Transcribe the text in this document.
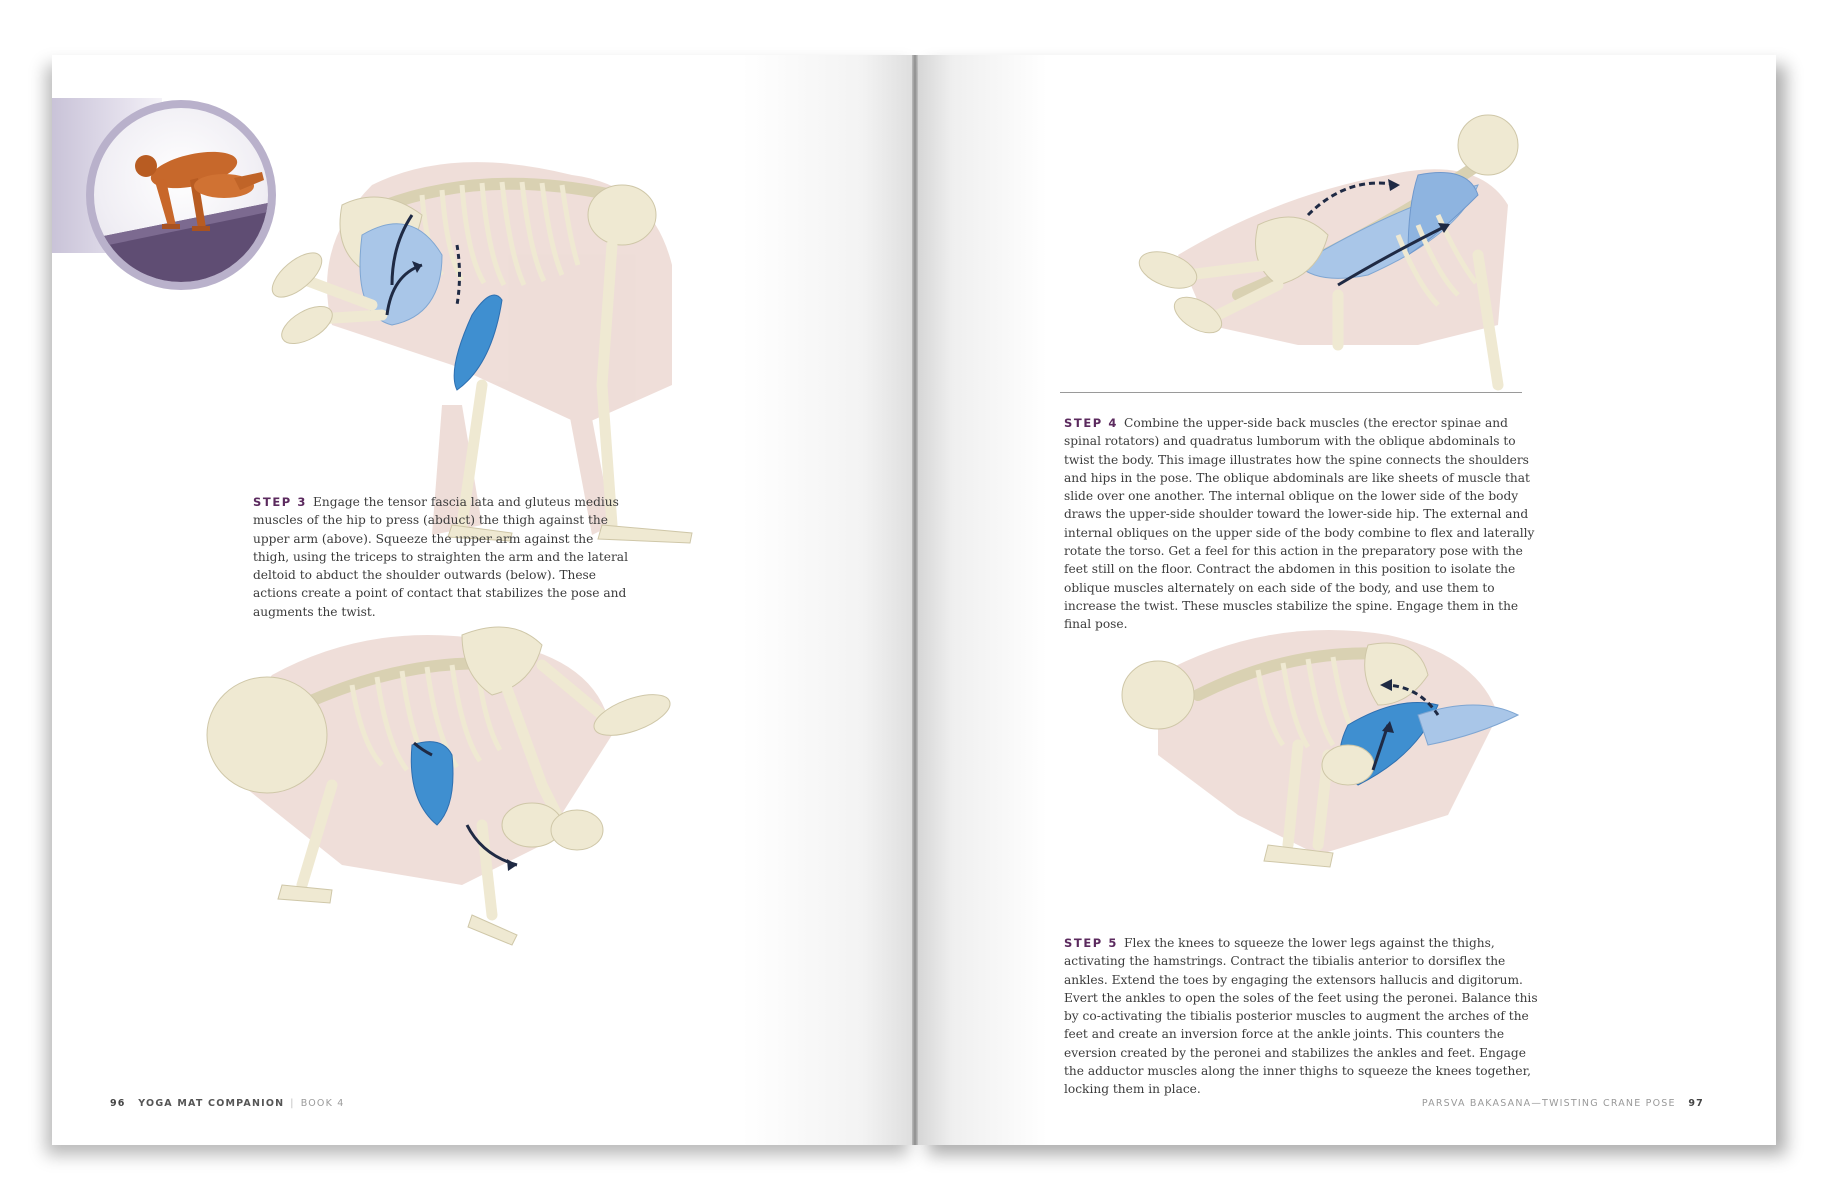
STEP 3 Engage the tensor fascia lata and gluteus medius muscles of the hip to press (abduct) the thigh against the upper arm (above). Squeeze the upper arm against the thigh, using the triceps to straighten the arm and the lateral deltoid to abduct the shoulder outwards (below). These actions create a point of contact that stabilizes the pose and augments the twist.

96 YOGA MAT COMPANION | BOOK 4

STEP 4 Combine the upper-side back muscles (the erector spinae and spinal rotators) and quadratus lumborum with the oblique abdominals to twist the body. This image illustrates how the spine connects the shoulders and hips in the pose. The oblique abdominals are like sheets of muscle that slide over one another. The internal oblique on the lower side of the body draws the upper-side shoulder toward the lower-side hip. The external and internal obliques on the upper side of the body combine to flex and laterally rotate the torso. Get a feel for this action in the preparatory pose with the feet still on the floor. Contract the abdomen in this position to isolate the oblique muscles alternately on each side of the body, and use them to increase the twist. These muscles stabilize the spine. Engage them in the final pose.

STEP 5 Flex the knees to squeeze the lower legs against the thighs, activating the hamstrings. Contract the tibialis anterior to dorsiflex the ankles. Extend the toes by engaging the extensors hallucis and digitorum. Evert the ankles to open the soles of the feet using the peronei. Balance this by co-activating the tibialis posterior muscles to augment the arches of the feet and create an inversion force at the ankle joints. This counters the eversion created by the peronei and stabilizes the ankles and feet. Engage the adductor muscles along the inner thighs to squeeze the knees together, locking them in place.

PARSVA BAKASANA—TWISTING CRANE POSE 97
